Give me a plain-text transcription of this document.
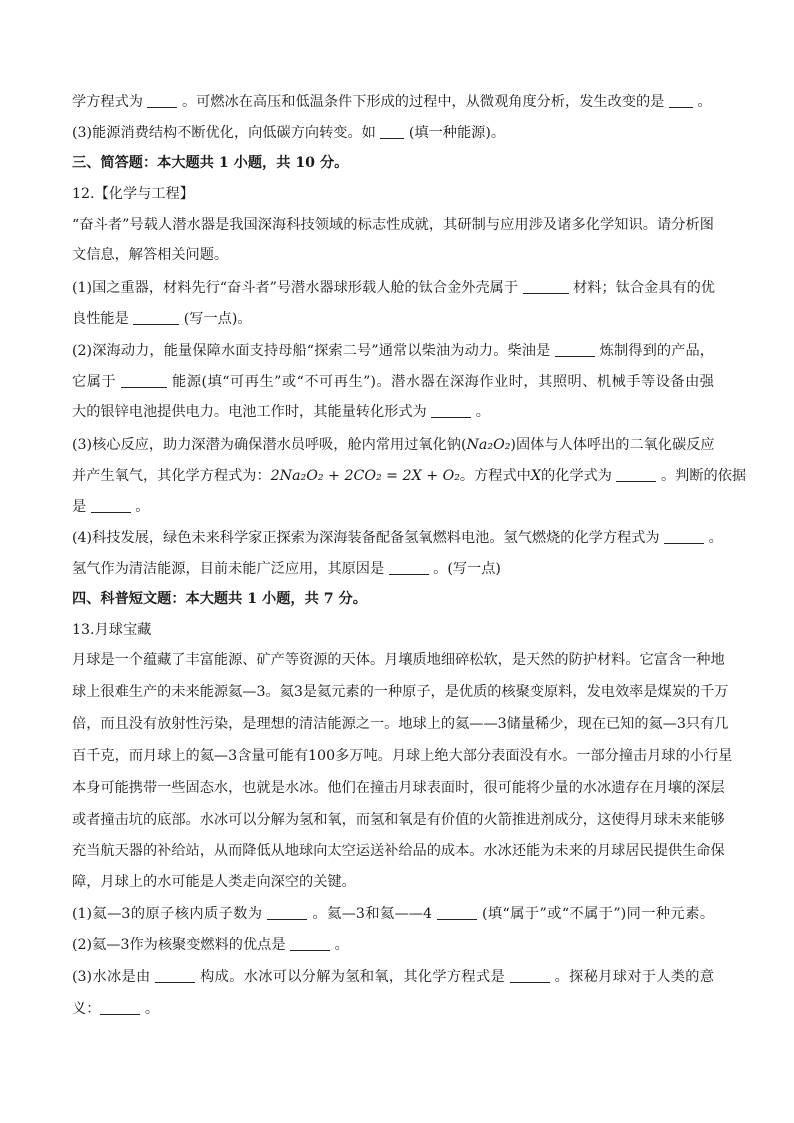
学方程式为  。可燃冰在高压和低温条件下形成的过程中，从微观角度分析，发生改变的是  。
(3)能源消费结构不断优化，向低碳方向转变。如  (填一种能源)。
三、简答题：本大题共 1 小题，共 10 分。
12.【化学与工程】
“奋斗者”号载人潜水器是我国深海科技领域的标志性成就，其研制与应用涉及诸多化学知识。请分析图
文信息，解答相关问题。
(1)国之重器，材料先行“奋斗者”号潜水器球形载人舱的钛合金外壳属于	材料；钛合金具有的优
良性能是	(写一点)。
(2)深海动力，能量保障水面支持母船“探索二号”通常以柴油为动力。柴油是	炼制得到的产品，
它属于	能源(填“可再生”或“不可再生”)。潜水器在深海作业时，其照明、机械手等设备由强
大的银锌电池提供电力。电池工作时，其能量转化形式为	。
(3)核心反应，助力深潜为确保潜水员呼吸，舱内常用过氧化钠(Na₂O₂)固体与人体呼出的二氧化碳反应
并产生氧气，其化学方程式为：2Na₂O₂ + 2CO₂ = 2X + O₂。方程式中X的化学式为	。判断的依据
是	。
(4)科技发展，绿色未来科学家正探索为深海装备配备氢氧燃料电池。氢气燃烧的化学方程式为	。
氢气作为清洁能源，目前未能广泛应用，其原因是	。(写一点)
四、科普短文题：本大题共 1 小题，共 7 分。
13.月球宝藏
月球是一个蕴藏了丰富能源、矿产等资源的天体。月壤质地细碎松软，是天然的防护材料。它富含一种地
球上很难生产的未来能源氦—3。氦3是氦元素的一种原子，是优质的核聚变原料，发电效率是煤炭的千万
倍，而且没有放射性污染，是理想的清洁能源之一。地球上的氦——3储量稀少，现在已知的氦—3只有几
百千克，而月球上的氦—3含量可能有100多万吨。月球上绝大部分表面没有水。一部分撞击月球的小行星
本身可能携带一些固态水，也就是水冰。他们在撞击月球表面时，很可能将少量的水冰遗存在月壤的深层
或者撞击坑的底部。水冰可以分解为氢和氧，而氢和氧是有价值的火箭推进剂成分，这使得月球未来能够
充当航天器的补给站，从而降低从地球向太空运送补给品的成本。水冰还能为未来的月球居民提供生命保
障，月球上的水可能是人类走向深空的关键。
(1)氦—3的原子核内质子数为	。氦—3和氦——4	(填“属于”或“不属于”)同一种元素。
(2)氦—3作为核聚变燃料的优点是	。
(3)水冰是由	构成。水冰可以分解为氢和氧，其化学方程式是	。探秘月球对于人类的意
义：	。
